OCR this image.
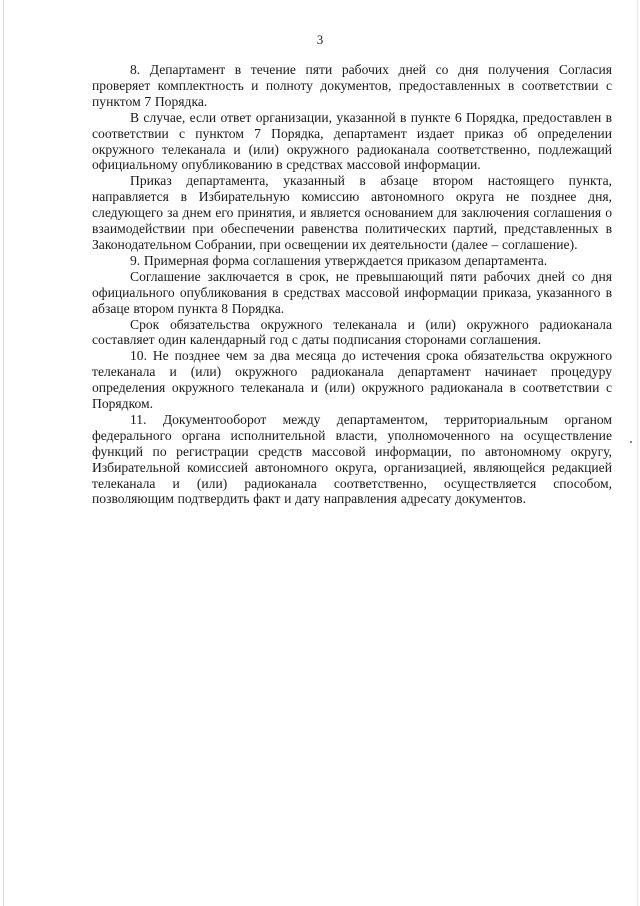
3

8. Департамент в течение пяти рабочих дней со дня получения Согласия проверяет комплектность и полноту документов, предоставленных в соответствии с пунктом 7 Порядка.

В случае, если ответ организации, указанной в пункте 6 Порядка, предоставлен в соответствии с пунктом 7 Порядка, департамент издает приказ об определении окружного телеканала и (или) окружного радиоканала соответственно, подлежащий официальному опубликованию в средствах массовой информации.

Приказ департамента, указанный в абзаце втором настоящего пункта, направляется в Избирательную комиссию автономного округа не позднее дня, следующего за днем его принятия, и является основанием для заключения соглашения о взаимодействии при обеспечении равенства политических партий, представленных в Законодательном Собрании, при освещении их деятельности (далее – соглашение).

9. Примерная форма соглашения утверждается приказом департамента.

Соглашение заключается в срок, не превышающий пяти рабочих дней со дня официального опубликования в средствах массовой информации приказа, указанного в абзаце втором пункта 8 Порядка.

Срок обязательства окружного телеканала и (или) окружного радиоканала составляет один календарный год с даты подписания сторонами соглашения.

10. Не позднее чем за два месяца до истечения срока обязательства окружного телеканала и (или) окружного радиоканала департамент начинает процедуру определения окружного телеканала и (или) окружного радиоканала в соответствии с Порядком.

11. Документооборот между департаментом, территориальным органом федерального органа исполнительной власти, уполномоченного на осуществление функций по регистрации средств массовой информации, по автономному округу, Избирательной комиссией автономного округа, организацией, являющейся редакцией телеканала и (или) радиоканала соответственно, осуществляется способом, позволяющим подтвердить факт и дату направления адресату документов.
